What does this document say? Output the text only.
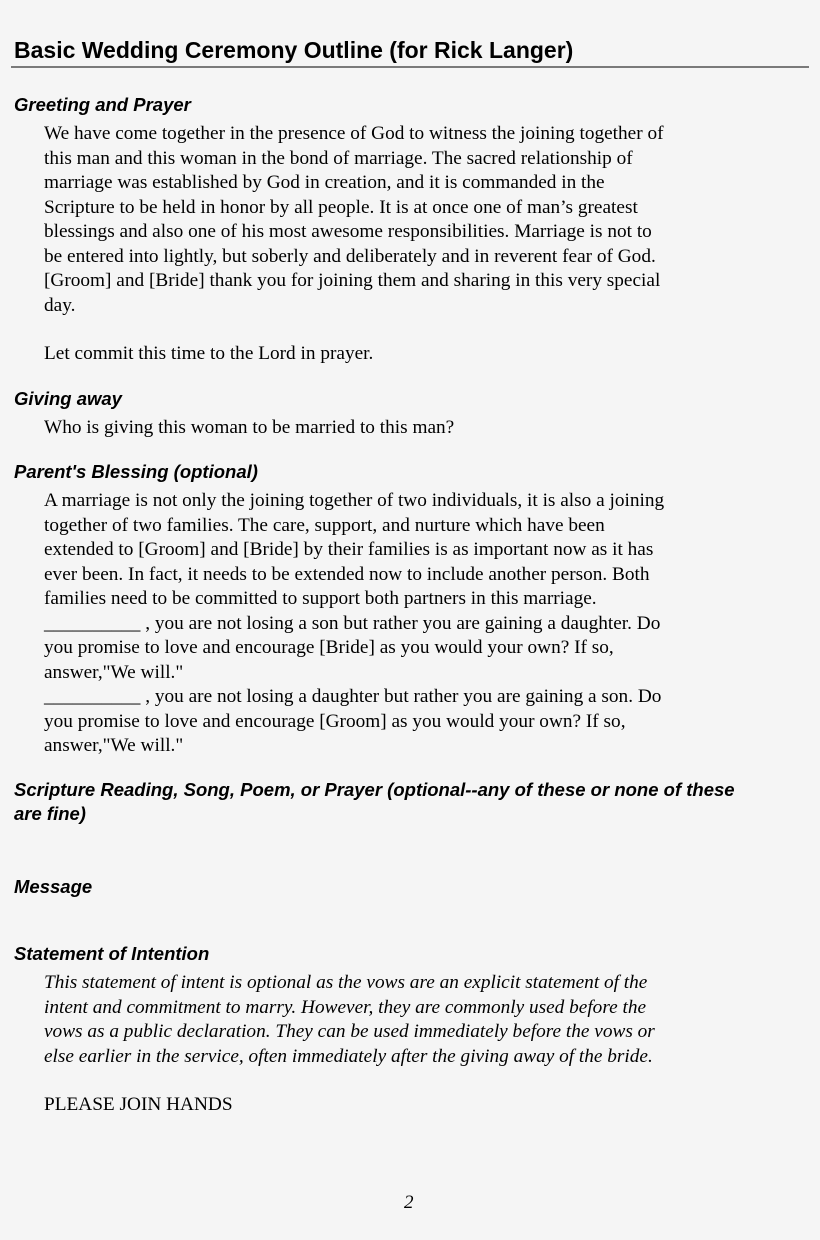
Basic Wedding Ceremony Outline (for Rick Langer)
Greeting and Prayer
We have come together in the presence of God to witness the joining together of
this man and this woman in the bond of marriage. The sacred relationship of
marriage was established by God in creation, and it is commanded in the
Scripture to be held in honor by all people. It is at once one of man’s greatest
blessings and also one of his most awesome responsibilities. Marriage is not to
be entered into lightly, but soberly and deliberately and in reverent fear of God.
[Groom] and [Bride] thank you for joining them and sharing in this very special
day.
Let commit this time to the Lord in prayer.
Giving away
Who is giving this woman to be married to this man?
Parent's Blessing (optional)
A marriage is not only the joining together of two individuals, it is also a joining
together of two families. The care, support, and nurture which have been
extended to [Groom] and [Bride] by their families is as important now as it has
ever been. In fact, it needs to be extended now to include another person. Both
families need to be committed to support both partners in this marriage.
__________ , you are not losing a son but rather you are gaining a daughter. Do
you promise to love and encourage [Bride] as you would your own? If so,
answer,"We will."
__________ , you are not losing a daughter but rather you are gaining a son. Do
you promise to love and encourage [Groom] as you would your own? If so,
answer,"We will."
Scripture Reading, Song, Poem, or Prayer (optional--any of these or none of these
are fine)
Message
Statement of Intention
This statement of intent is optional as the vows are an explicit statement of the
intent and commitment to marry. However, they are commonly used before the
vows as a public declaration. They can be used immediately before the vows or
else earlier in the service, often immediately after the giving away of the bride.
PLEASE JOIN HANDS
2
